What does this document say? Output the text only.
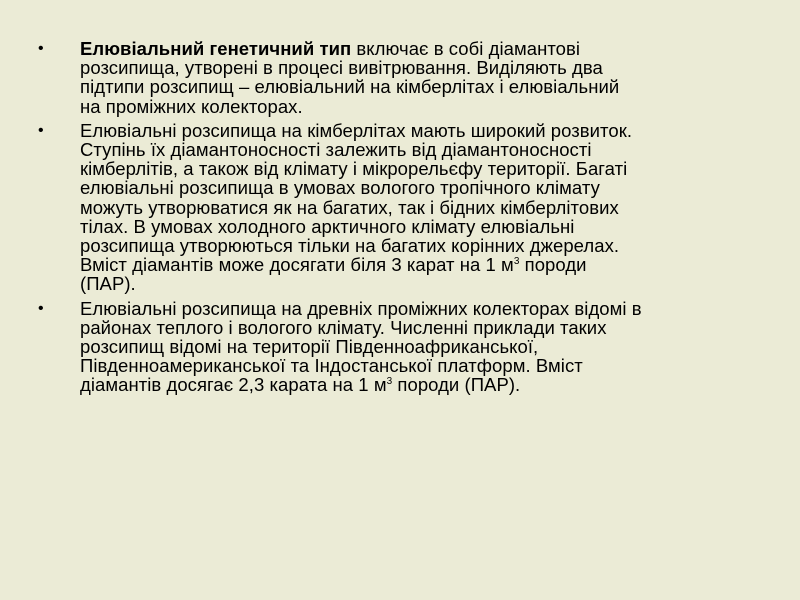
• Елювіальний генетичний тип включає в собі діамантові
розсипища, утворені в процесі вивітрювання. Виділяють два
підтипи розсипищ – елювіальний на кімберлітах і елювіальний
на проміжних колекторах.
• Елювіальні розсипища на кімберлітах мають широкий розвиток.
Ступінь їх діамантоносності залежить від діамантоносності
кімберлітів, а також від клімату і мікрорельєфу території. Багаті
елювіальні розсипища в умовах вологого тропічного клімату
можуть утворюватися як на багатих, так і бідних кімберлітових
тілах. В умовах холодного арктичного клімату елювіальні
розсипища утворюються тільки на багатих корінних джерелах.
Вміст діамантів може досягати біля 3 карат на 1 $м^3$ породи
(ПАР).
• Елювіальні розсипища на древніх проміжних колекторах відомі в
районах теплого і вологого клімату. Численні приклади таких
розсипищ відомі на території Південноафриканської,
Південноамериканської та Індостанської платформ. Вміст
діамантів досягає 2,3 карата на 1 $м^3$ породи (ПАР).
